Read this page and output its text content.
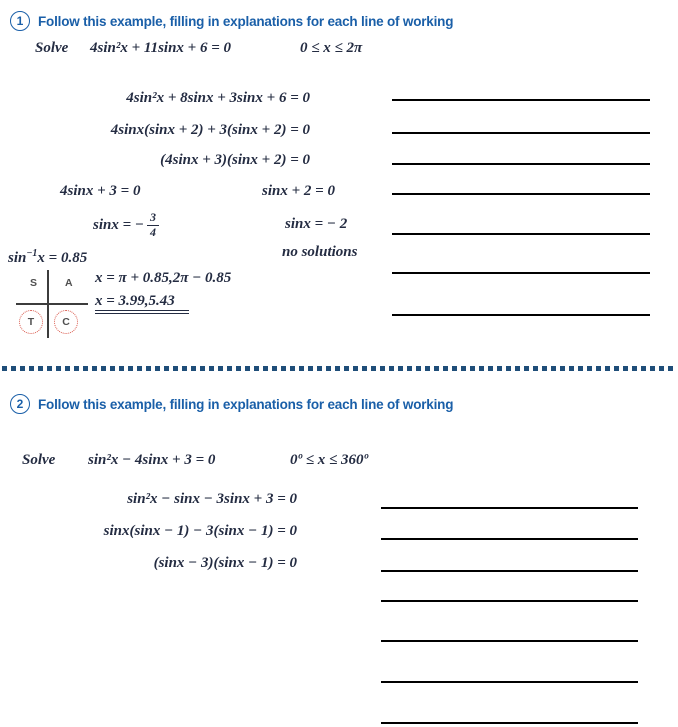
1 Follow this example, filling in explanations for each line of working
Solve 4sin²x + 11sinx + 6 = 0	0 ≤ x ≤ 2π
4sin²x + 8sinx + 3sinx + 6 = 0
4sinx(sinx + 2) + 3(sinx + 2) = 0
(4sinx + 3)(sinx + 2) = 0
4sinx + 3 = 0	sinx + 2 = 0
sinx = − $\frac{3}{4}$	sinx = − 2
$\sin^{-1}x = 0.85$	no solutions
x = π + 0.85,2π − 0.85
x = 3.99,5.43
S	A
T	C
2 Follow this example, filling in explanations for each line of working
Solve sin²x − 4sinx + 3 = 0	0º ≤ x ≤ 360º
sin²x − sinx − 3sinx + 3 = 0
sinx(sinx − 1) − 3(sinx − 1) = 0
(sinx − 3)(sinx − 1) = 0
